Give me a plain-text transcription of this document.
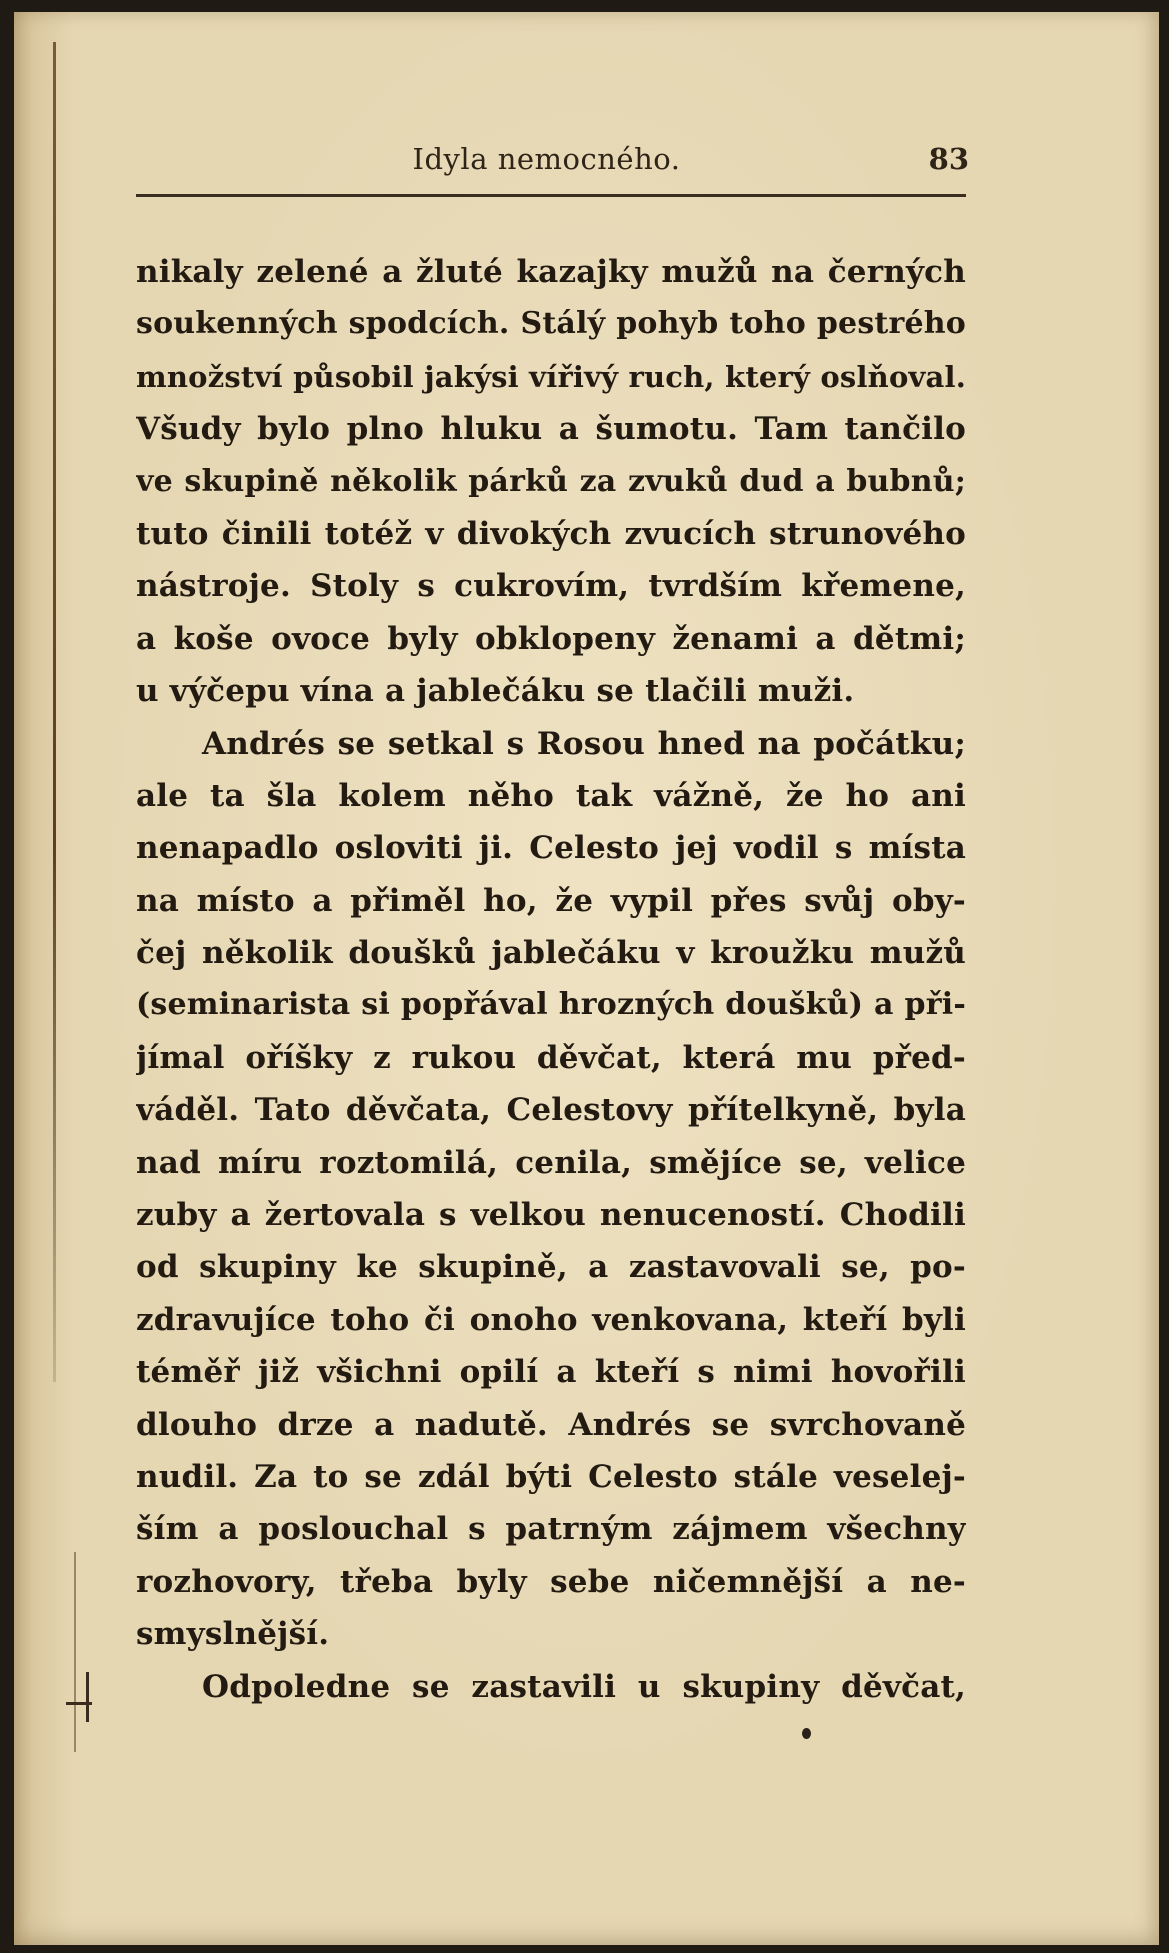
Idyla nemocného.	83
nikaly zelené a žluté kazajky mužů na černých
soukenných spodcích. Stálý pohyb toho pestrého
množství působil jakýsi vířivý ruch, který oslňoval.
Všudy bylo plno hluku a šumotu. Tam tančilo
ve skupině několik párků za zvuků dud a bubnů;
tuto činili totéž v divokých zvucích strunového
nástroje. Stoly s cukrovím, tvrdším křemene,
a koše ovoce byly obklopeny ženami a dětmi;
u výčepu vína a jablečáku se tlačili muži.
Andrés se setkal s Rosou hned na počátku;
ale ta šla kolem něho tak vážně, že ho ani
nenapadlo osloviti ji. Celesto jej vodil s místa
na místo a přiměl ho, že vypil přes svůj oby-
čej několik doušků jablečáku v kroužku mužů
(seminarista si popřával hrozných doušků) a při-
jímal oříšky z rukou děvčat, která mu před-
váděl. Tato děvčata, Celestovy přítelkyně, byla
nad míru roztomilá, cenila, smějíce se, velice
zuby a žertovala s velkou nenuceností. Chodili
od skupiny ke skupině, a zastavovali se, po-
zdravujíce toho či onoho venkovana, kteří byli
téměř již všichni opilí a kteří s nimi hovořili
dlouho drze a nadutě. Andrés se svrchovaně
nudil. Za to se zdál býti Celesto stále veselej-
ším a poslouchal s patrným zájmem všechny
rozhovory, třeba byly sebe ničemnější a ne-
smyslnější.
Odpoledne se zastavili u skupiny děvčat,
